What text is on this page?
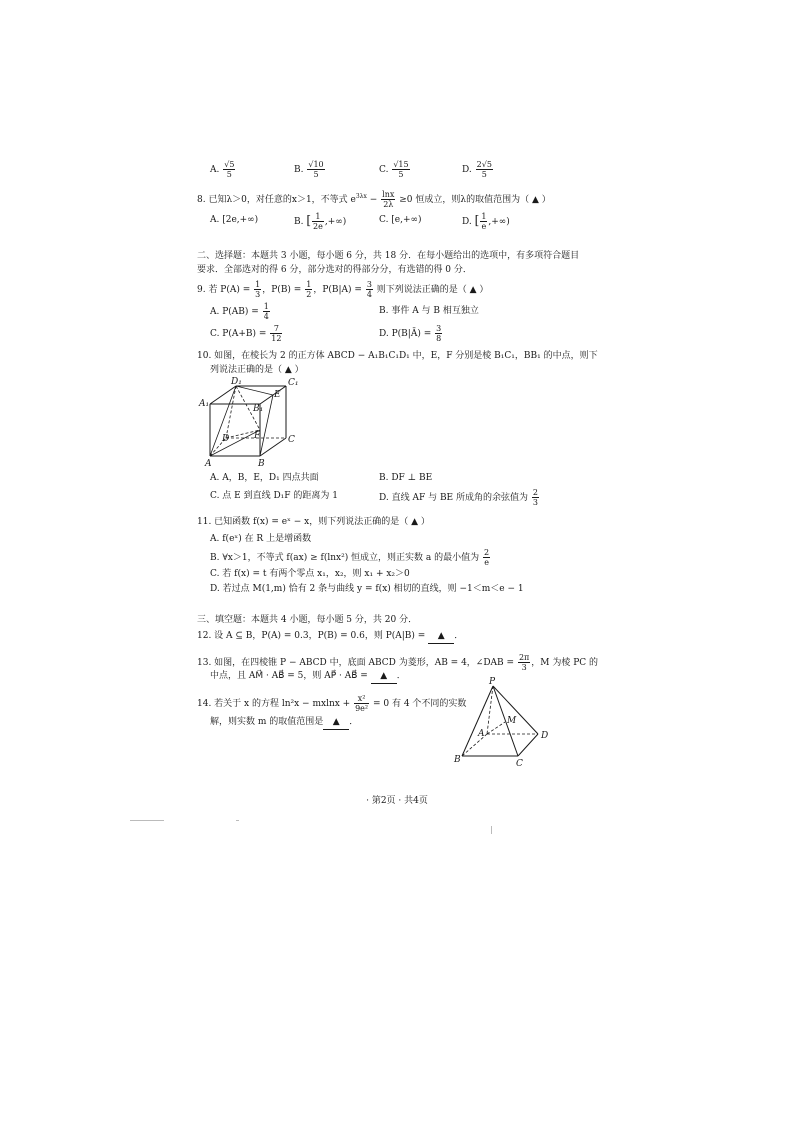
A. $\frac{√5}{5}$	B. $\frac{√10}{5}$	C. $\frac{√15}{5}$	D. $\frac{2√5}{5}$
8. 已知λ＞0，对任意的x＞1，不等式 $e^{3\lambda x} - \frac{\ln x}{2\lambda} \ge 0$ 恒成立，则λ的取值范围为（ ▲ ）
A. [2e,+∞)	B. [ $\frac{1}{2e}$ ,+∞)	C. [e,+∞)	D. [ $\frac{1}{e}$ ,+∞)
二、选择题：本题共 3 小题，每小题 6 分，共 18 分．在每小题给出的选项中，有多项符合题目
要求．全部选对的得 6 分，部分选对的得部分分，有选错的得 0 分．
9. 若 $P(A) = \frac{1}{3}$ ，$P(B) = \frac{1}{2}$ ，$P(B|A) = \frac{3}{4}$ 则下列说法正确的是（ ▲ ）
A. $P(AB) = \frac{1}{4}$	B. 事件 A 与 B 相互独立
C. $P(A+B) = \frac{7}{12}$	D. P(B|Ā) = $\frac{3}{8}$
10. 如图，在棱长为 2 的正方体 ABCD − A₁B₁C₁D₁ 中，E，F 分别是棱 B₁C₁，BB₁ 的中点，则下
列说法正确的是（ ▲ ）
D₁	C₁
A₁	B₁
E
F
D	C
A	B
A. A，B，E，D₁ 四点共面	B. DF ⊥ BE
C. 点 E 到直线 D₁F 的距离为 1	D. 直线 AF 与 BE 所成角的余弦值为 $\frac{2}{3}$
11. 已知函数 f(x) = eˣ − x，则下列说法正确的是（ ▲ ）
A. f(eˣ) 在 R 上是增函数
B. ∀x＞1，不等式 f(ax) ≥ f(lnx²) 恒成立，则正实数 a 的最小值为 $\frac{2}{e}$
C. 若 f(x) = t 有两个零点 x₁，x₂，则 x₁ + x₂＞0
D. 若过点 M(1,m) 恰有 2 条与曲线 y = f(x) 相切的直线，则 −1＜m＜e − 1
三、填空题：本题共 4 小题，每小题 5 分，共 20 分．
12. 设 A ⊆ B，P(A) = 0.3，P(B) = 0.6，则 P(A|B) = ▲ ．
13. 如图，在四棱锥 P − ABCD 中，底面 ABCD 为菱形，AB = 4，∠DAB = $\frac{2\pi}{3}$ ，M 为棱 PC 的
中点，且 AM⃗ · AB⃗ = 5，则 AP⃗ · AB⃗ = ▲ ．
14. 若关于 x 的方程 $\ln^2x - mxlnx + \frac{\text{x²}}{\text{9e²}} = 0$ 有 4 个不同的实数
解，则实数 m 的取值范围是 ▲ ．
P
M
A	D
B	C
· 第2页 · 共4页
